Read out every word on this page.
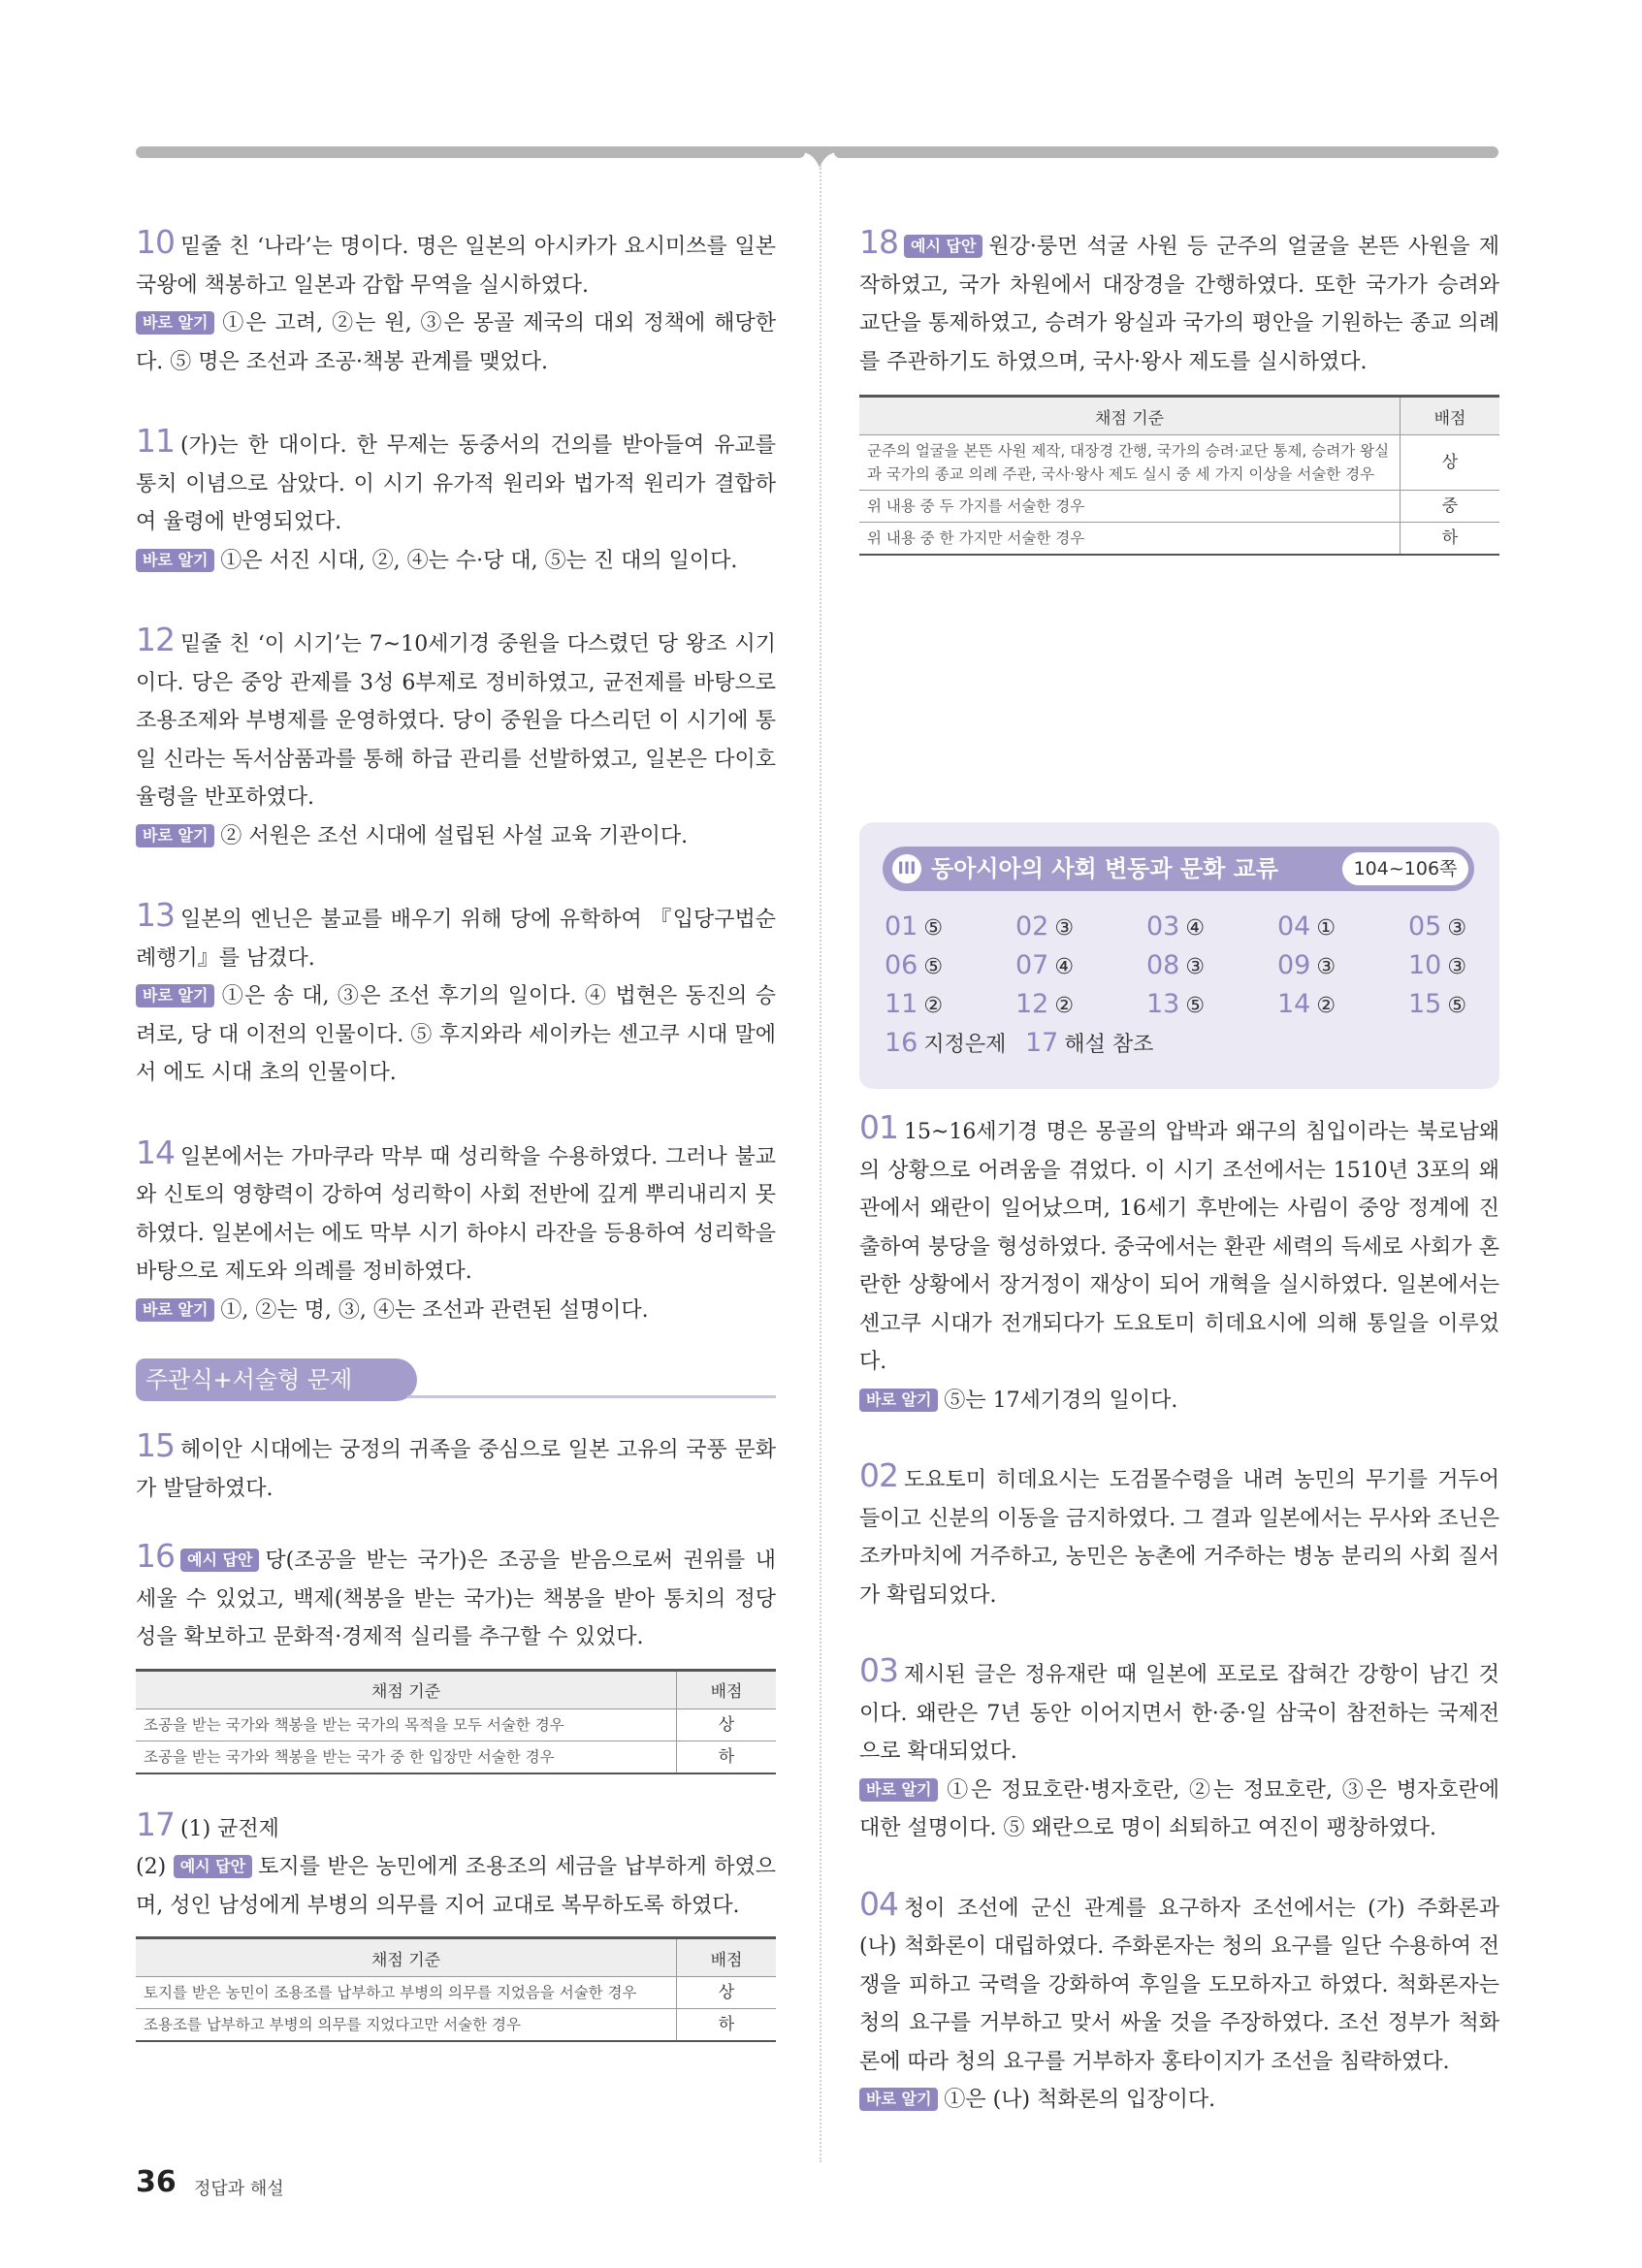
10 밑줄 친 ‘나라’는 명이다. 명은 일본의 아시카가 요시미쓰를 일본 국왕에 책봉하고 일본과 감합 무역을 실시하였다.

바로 알기 ①은 고려, ②는 원, ③은 몽골 제국의 대외 정책에 해당한다. ⑤ 명은 조선과 조공·책봉 관계를 맺었다.

11 (가)는 한 대이다. 한 무제는 동중서의 건의를 받아들여 유교를 통치 이념으로 삼았다. 이 시기 유가적 원리와 법가적 원리가 결합하여 율령에 반영되었다.

바로 알기 ①은 서진 시대, ②, ④는 수·당 대, ⑤는 진 대의 일이다.

12 밑줄 친 ‘이 시기’는 7~10세기경 중원을 다스렸던 당 왕조 시기이다. 당은 중앙 관제를 3성 6부제로 정비하였고, 균전제를 바탕으로 조용조제와 부병제를 운영하였다. 당이 중원을 다스리던 이 시기에 통일 신라는 독서삼품과를 통해 하급 관리를 선발하였고, 일본은 다이호 율령을 반포하였다.

바로 알기 ② 서원은 조선 시대에 설립된 사설 교육 기관이다.

13 일본의 엔닌은 불교를 배우기 위해 당에 유학하여 『입당구법순례행기』를 남겼다.

바로 알기 ①은 송 대, ③은 조선 후기의 일이다. ④ 법현은 동진의 승려로, 당 대 이전의 인물이다. ⑤ 후지와라 세이카는 센고쿠 시대 말에서 에도 시대 초의 인물이다.

14 일본에서는 가마쿠라 막부 때 성리학을 수용하였다. 그러나 불교와 신토의 영향력이 강하여 성리학이 사회 전반에 깊게 뿌리내리지 못하였다. 일본에서는 에도 막부 시기 하야시 라잔을 등용하여 성리학을 바탕으로 제도와 의례를 정비하였다.

바로 알기 ①, ②는 명, ③, ④는 조선과 관련된 설명이다.

주관식+서술형 문제

15 헤이안 시대에는 궁정의 귀족을 중심으로 일본 고유의 국풍 문화가 발달하였다.

16 예시 답안 당(조공을 받는 국가)은 조공을 받음으로써 권위를 내세울 수 있었고, 백제(책봉을 받는 국가)는 책봉을 받아 통치의 정당성을 확보하고 문화적·경제적 실리를 추구할 수 있었다.

채점 기준	배점
조공을 받는 국가와 책봉을 받는 국가의 목적을 모두 서술한 경우	상
조공을 받는 국가와 책봉을 받는 국가 중 한 입장만 서술한 경우	하

17 (1) 균전제

(2) 예시 답안 토지를 받은 농민에게 조용조의 세금을 납부하게 하였으며, 성인 남성에게 부병의 의무를 지어 교대로 복무하도록 하였다.

채점 기준	배점
토지를 받은 농민이 조용조를 납부하고 부병의 의무를 지었음을 서술한 경우	상
조용조를 납부하고 부병의 의무를 지었다고만 서술한 경우	하

18 예시 답안 원강·룽먼 석굴 사원 등 군주의 얼굴을 본뜬 사원을 제작하였고, 국가 차원에서 대장경을 간행하였다. 또한 국가가 승려와 교단을 통제하였고, 승려가 왕실과 국가의 평안을 기원하는 종교 의례를 주관하기도 하였으며, 국사·왕사 제도를 실시하였다.

채점 기준	배점
군주의 얼굴을 본뜬 사원 제작, 대장경 간행, 국가의 승려·교단 통제, 승려가 왕실과 국가의 종교 의례 주관, 국사·왕사 제도 실시 중 세 가지 이상을 서술한 경우	상
위 내용 중 두 가지를 서술한 경우	중
위 내용 중 한 가지만 서술한 경우	하
III 동아시아의 사회 변동과 문화 교류	104~106쪽
01 ⑤	02 ③	03 ④	04 ①	05 ③
06 ⑤	07 ④	08 ③	09 ③	10 ③
11 ②	12 ②	13 ⑤	14 ②	15 ⑤
16 지정은제 17 해설 참조

01 15~16세기경 명은 몽골의 압박과 왜구의 침입이라는 북로남왜의 상황으로 어려움을 겪었다. 이 시기 조선에서는 1510년 3포의 왜관에서 왜란이 일어났으며, 16세기 후반에는 사림이 중앙 정계에 진출하여 붕당을 형성하였다. 중국에서는 환관 세력의 득세로 사회가 혼란한 상황에서 장거정이 재상이 되어 개혁을 실시하였다. 일본에서는 센고쿠 시대가 전개되다가 도요토미 히데요시에 의해 통일을 이루었다.

바로 알기 ⑤는 17세기경의 일이다.

02 도요토미 히데요시는 도검몰수령을 내려 농민의 무기를 거두어들이고 신분의 이동을 금지하였다. 그 결과 일본에서는 무사와 조닌은 조카마치에 거주하고, 농민은 농촌에 거주하는 병농 분리의 사회 질서가 확립되었다.

03 제시된 글은 정유재란 때 일본에 포로로 잡혀간 강항이 남긴 것이다. 왜란은 7년 동안 이어지면서 한·중·일 삼국이 참전하는 국제전으로 확대되었다.

바로 알기 ①은 정묘호란·병자호란, ②는 정묘호란, ③은 병자호란에 대한 설명이다. ⑤ 왜란으로 명이 쇠퇴하고 여진이 팽창하였다.

04 청이 조선에 군신 관계를 요구하자 조선에서는 (가) 주화론과 (나) 척화론이 대립하였다. 주화론자는 청의 요구를 일단 수용하여 전쟁을 피하고 국력을 강화하여 후일을 도모하자고 하였다. 척화론자는 청의 요구를 거부하고 맞서 싸울 것을 주장하였다. 조선 정부가 척화론에 따라 청의 요구를 거부하자 홍타이지가 조선을 침략하였다.

바로 알기 ①은 (나) 척화론의 입장이다.

36 정답과 해설
